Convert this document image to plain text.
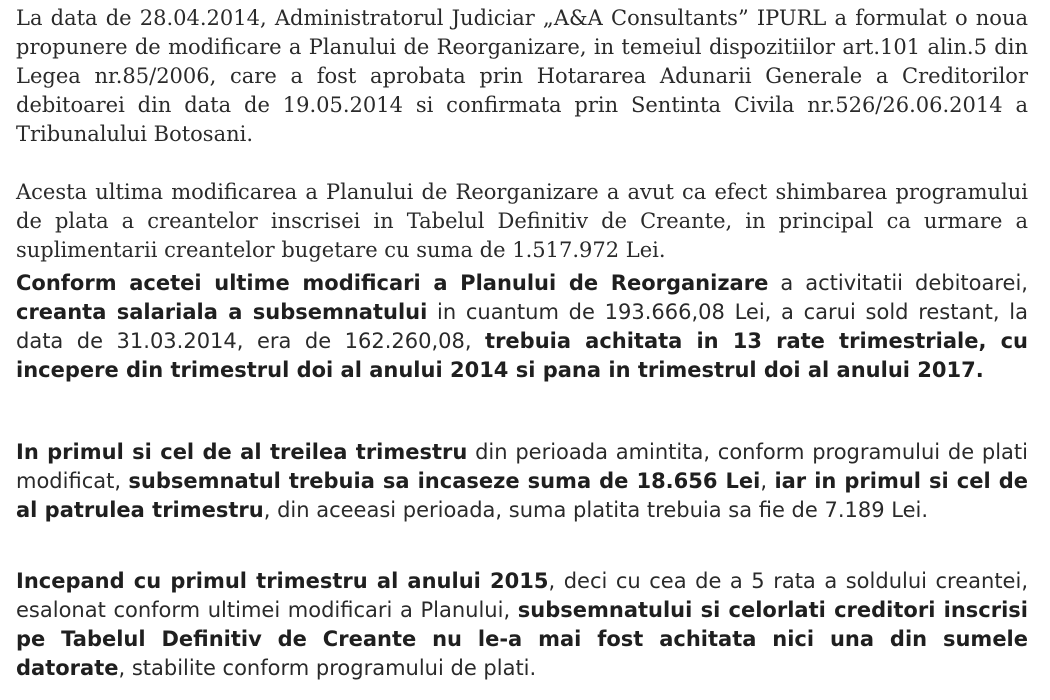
La data de 28.04.2014, Administratorul Judiciar „A&A Consultants” IPURL a formulat o noua propunere de modificare a Planului de Reorganizare, in temeiul dispozitiilor art.101 alin.5 din Legea nr.85/2006, care a fost aprobata prin Hotararea Adunarii Generale a Creditorilor debitoarei din data de 19.05.2014 si confirmata prin Sentinta Civila nr.526/26.06.2014 a Tribunalului Botosani.

Acesta ultima modificarea a Planului de Reorganizare a avut ca efect shimbarea programului de plata a creantelor inscrisei in Tabelul Definitiv de Creante, in principal ca urmare a suplimentarii creantelor bugetare cu suma de 1.517.972 Lei.

Conform acetei ultime modificari a Planului de Reorganizare a activitatii debitoarei, creanta salariala a subsemnatului in cuantum de 193.666,08 Lei, a carui sold restant, la data de 31.03.2014, era de 162.260,08, trebuia achitata in 13 rate trimestriale, cu incepere din trimestrul doi al anului 2014 si pana in trimestrul doi al anului 2017.

In primul si cel de al treilea trimestru din perioada amintita, conform programului de plati modificat, subsemnatul trebuia sa incaseze suma de 18.656 Lei, iar in primul si cel de al patrulea trimestru, din aceeasi perioada, suma platita trebuia sa fie de 7.189 Lei.

Incepand cu primul trimestru al anului 2015, deci cu cea de a 5 rata a soldului creantei, esalonat conform ultimei modificari a Planului, subsemnatului si celorlati creditori inscrisi pe Tabelul Definitiv de Creante nu le-a mai fost achitata nici una din sumele datorate, stabilite conform programului de plati.
